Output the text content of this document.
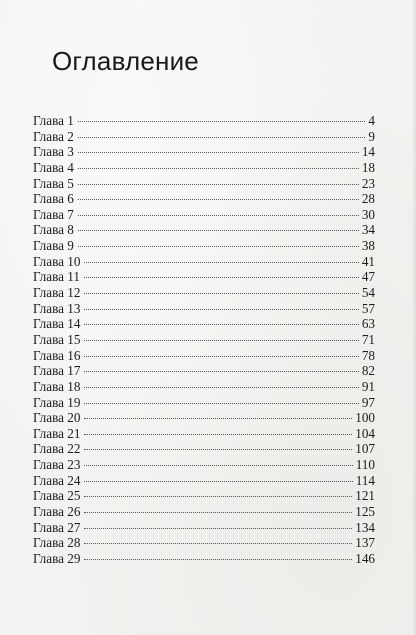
Оглавление
Глава 1	4
Глава 2	9
Глава 3	14
Глава 4	18
Глава 5	23
Глава 6	28
Глава 7	30
Глава 8	34
Глава 9	38
Глава 10	41
Глава 11	47
Глава 12	54
Глава 13	57
Глава 14	63
Глава 15	71
Глава 16	78
Глава 17	82
Глава 18	91
Глава 19	97
Глава 20	100
Глава 21	104
Глава 22	107
Глава 23	110
Глава 24	114
Глава 25	121
Глава 26	125
Глава 27	134
Глава 28	137
Глава 29	146
